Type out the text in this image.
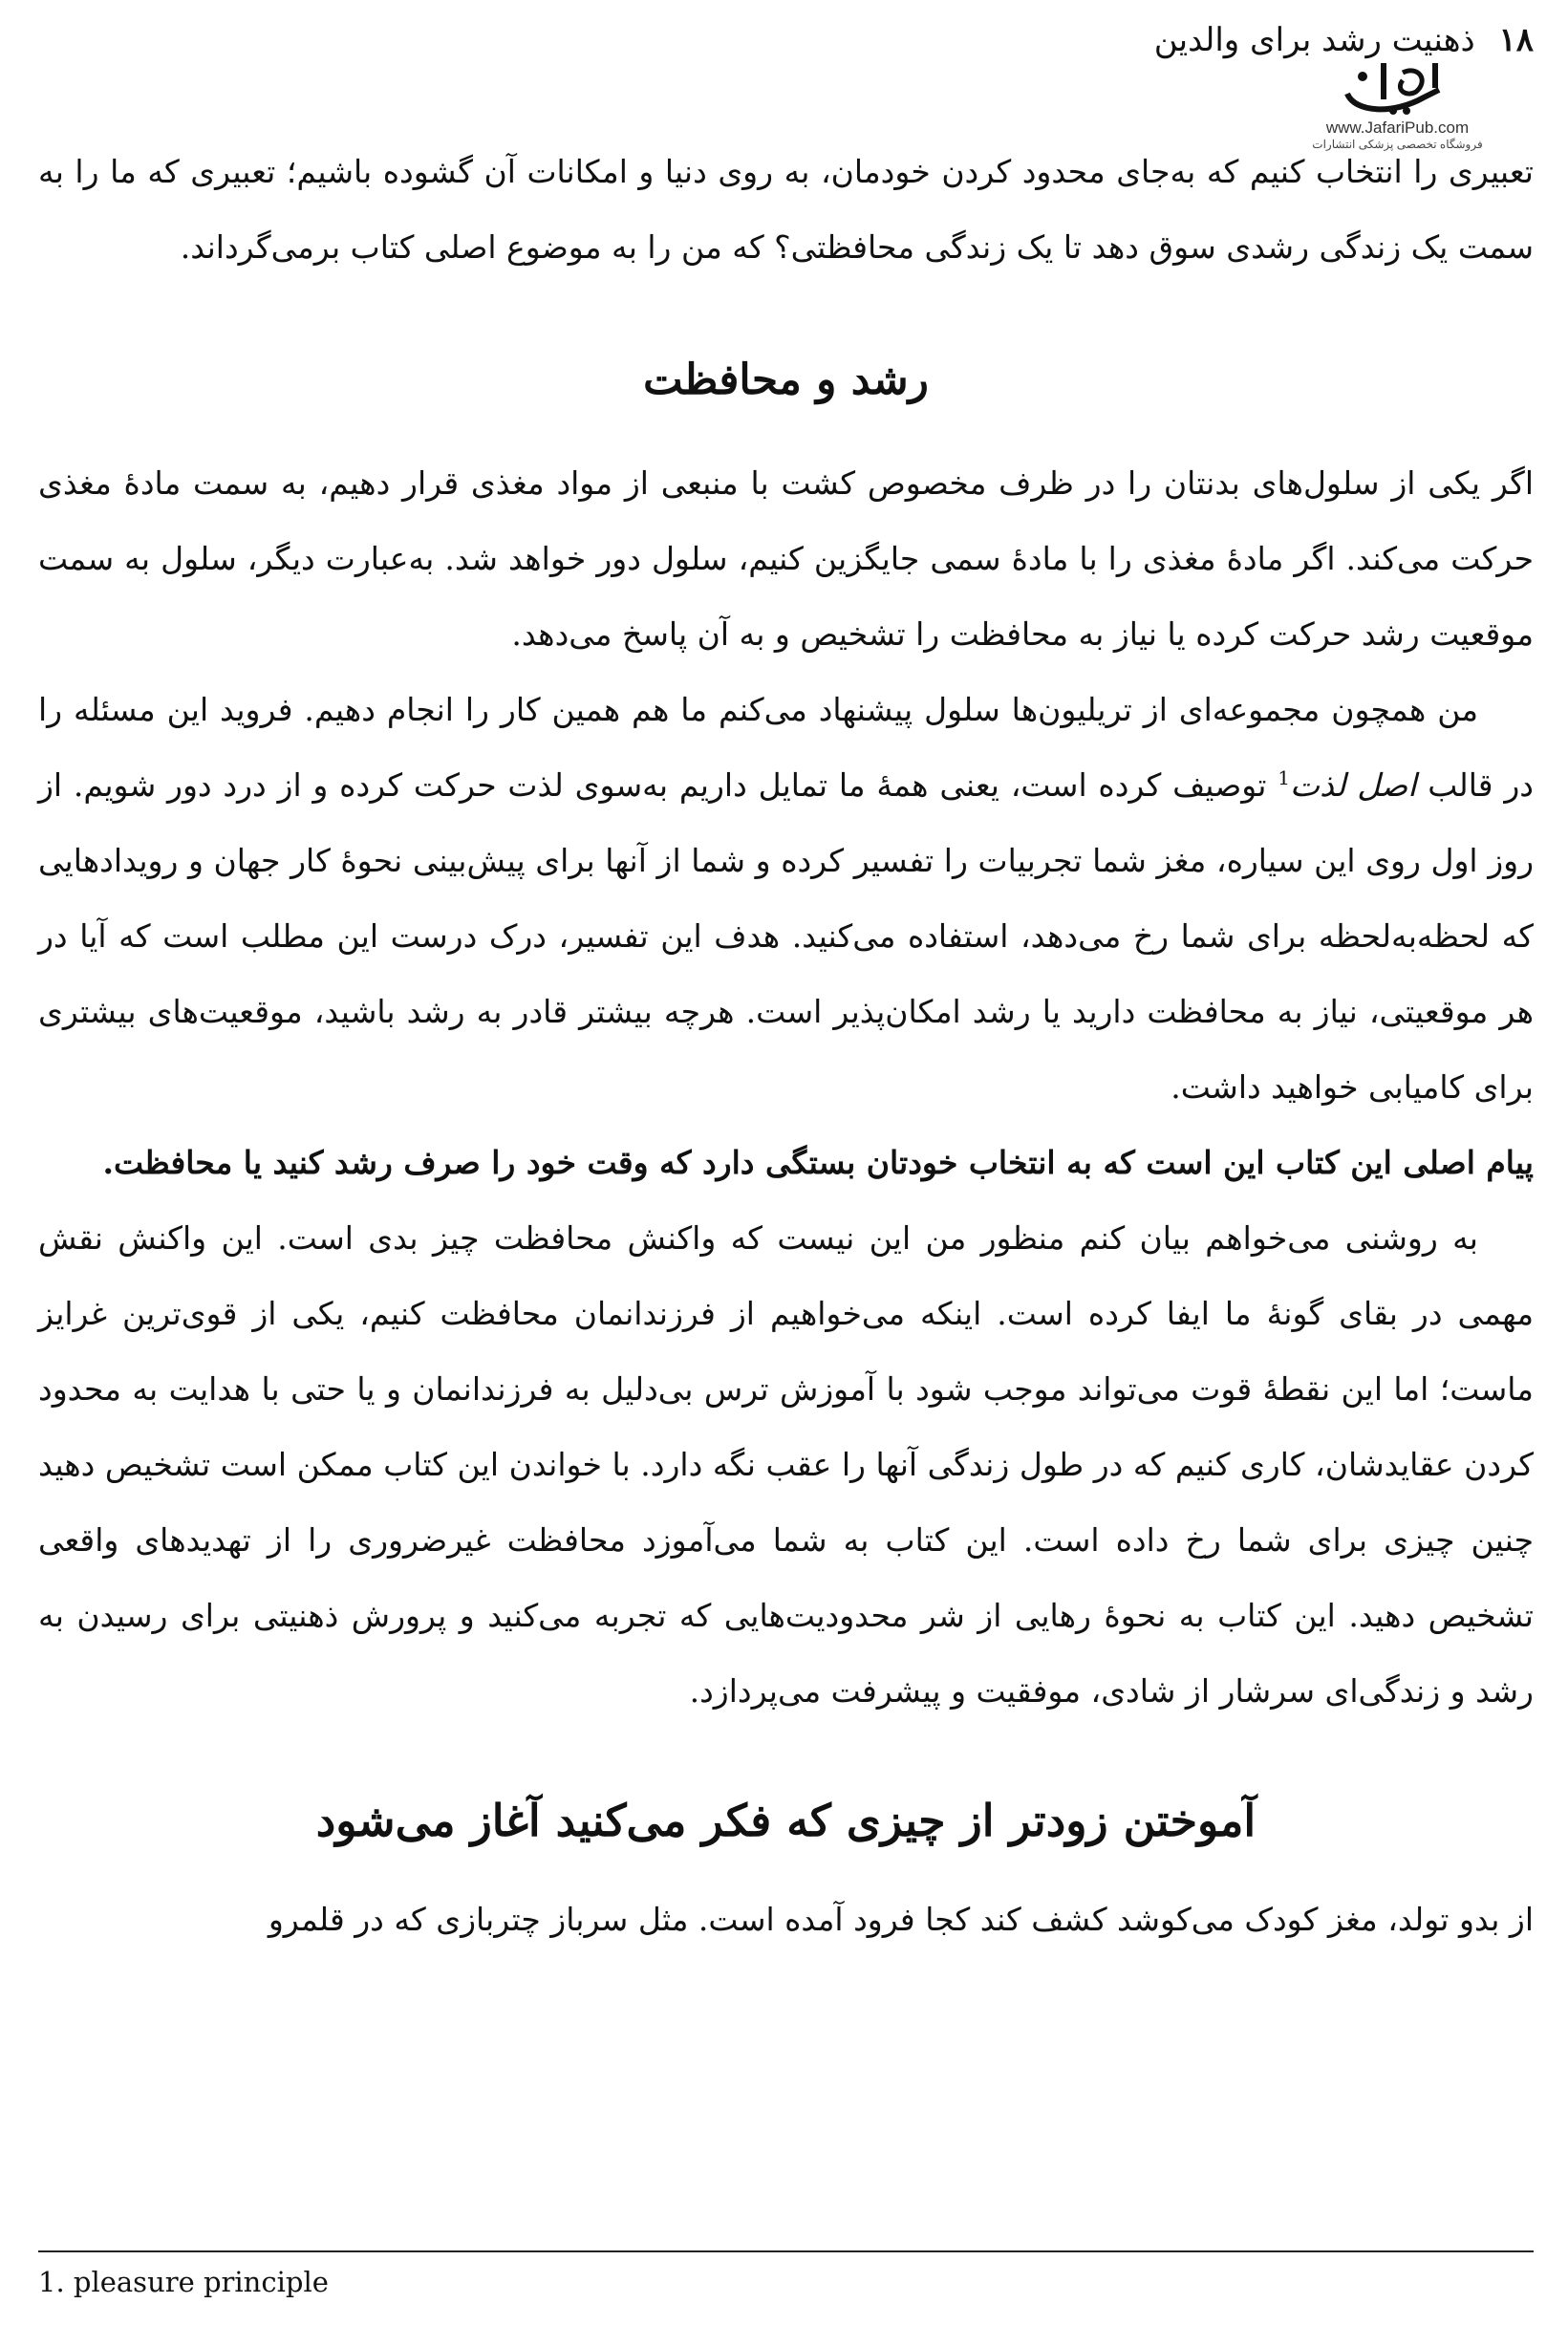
۱۸ ذهنیت رشد برای والدین
www.JafariPub.com
فروشگاه تخصصی پزشکی انتشارات

تعبیری را انتخاب کنیم که به‌جای محدود کردن خودمان، به روی دنیا و امکانات آن گشوده باشیم؛ تعبیری که ما را به سمت یک زندگی رشدی سوق دهد تا یک زندگی محافظتی؟ که من را به موضوع اصلی کتاب برمی‌گرداند.

رشد و محافظت

اگر یکی از سلول‌های بدنتان را در ظرف مخصوص کشت با منبعی از مواد مغذی قرار دهیم، به سمت مادهٔ مغذی حرکت می‌کند. اگر مادهٔ مغذی را با مادهٔ سمی جایگزین کنیم، سلول دور خواهد شد. به‌عبارت دیگر، سلول به سمت موقعیت رشد حرکت کرده یا نیاز به محافظت را تشخیص و به آن پاسخ می‌دهد.

من همچون مجموعه‌ای از تریلیون‌ها سلول پیشنهاد می‌کنم ما هم همین کار را انجام دهیم. فروید این مسئله را در قالب اصل لذت$^1$ توصیف کرده است، یعنی همهٔ ما تمایل داریم به‌سوی لذت حرکت کرده و از درد دور شویم. از روز اول روی این سیاره، مغز شما تجربیات را تفسیر کرده و شما از آنها برای پیش‌بینی نحوهٔ کار جهان و رویدادهایی که لحظه‌به‌لحظه برای شما رخ می‌دهد، استفاده می‌کنید. هدف این تفسیر، درک درست این مطلب است که آیا در هر موقعیتی، نیاز به محافظت دارید یا رشد امکان‌پذیر است. هرچه بیشتر قادر به رشد باشید، موقعیت‌های بیشتری برای کامیابی خواهید داشت.

پیام اصلی این کتاب این است که به انتخاب خودتان بستگی دارد که وقت خود را صرف رشد کنید یا محافظت.

به روشنی می‌خواهم بیان کنم منظور من این نیست که واکنش محافظت چیز بدی است. این واکنش نقش مهمی در بقای گونهٔ ما ایفا کرده است. اینکه می‌خواهیم از فرزندانمان محافظت کنیم، یکی از قوی‌ترین غرایز ماست؛ اما این نقطهٔ قوت می‌تواند موجب شود با آموزش ترس بی‌دلیل به فرزندانمان و یا حتی با هدایت به محدود کردن عقایدشان، کاری کنیم که در طول زندگی آنها را عقب نگه دارد. با خواندن این کتاب ممکن است تشخیص دهید چنین چیزی برای شما رخ داده است. این کتاب به شما می‌آموزد محافظت غیرضروری را از تهدیدهای واقعی تشخیص دهید. این کتاب به نحوهٔ رهایی از شر محدودیت‌هایی که تجربه می‌کنید و پرورش ذهنیتی برای رسیدن به رشد و زندگی‌ای سرشار از شادی، موفقیت و پیشرفت می‌پردازد.

آموختن زودتر از چیزی که فکر می‌کنید آغاز می‌شود

از بدو تولد، مغز کودک می‌کوشد کشف کند کجا فرود آمده است. مثل سرباز چتربازی که در قلمرو

1. pleasure principle
